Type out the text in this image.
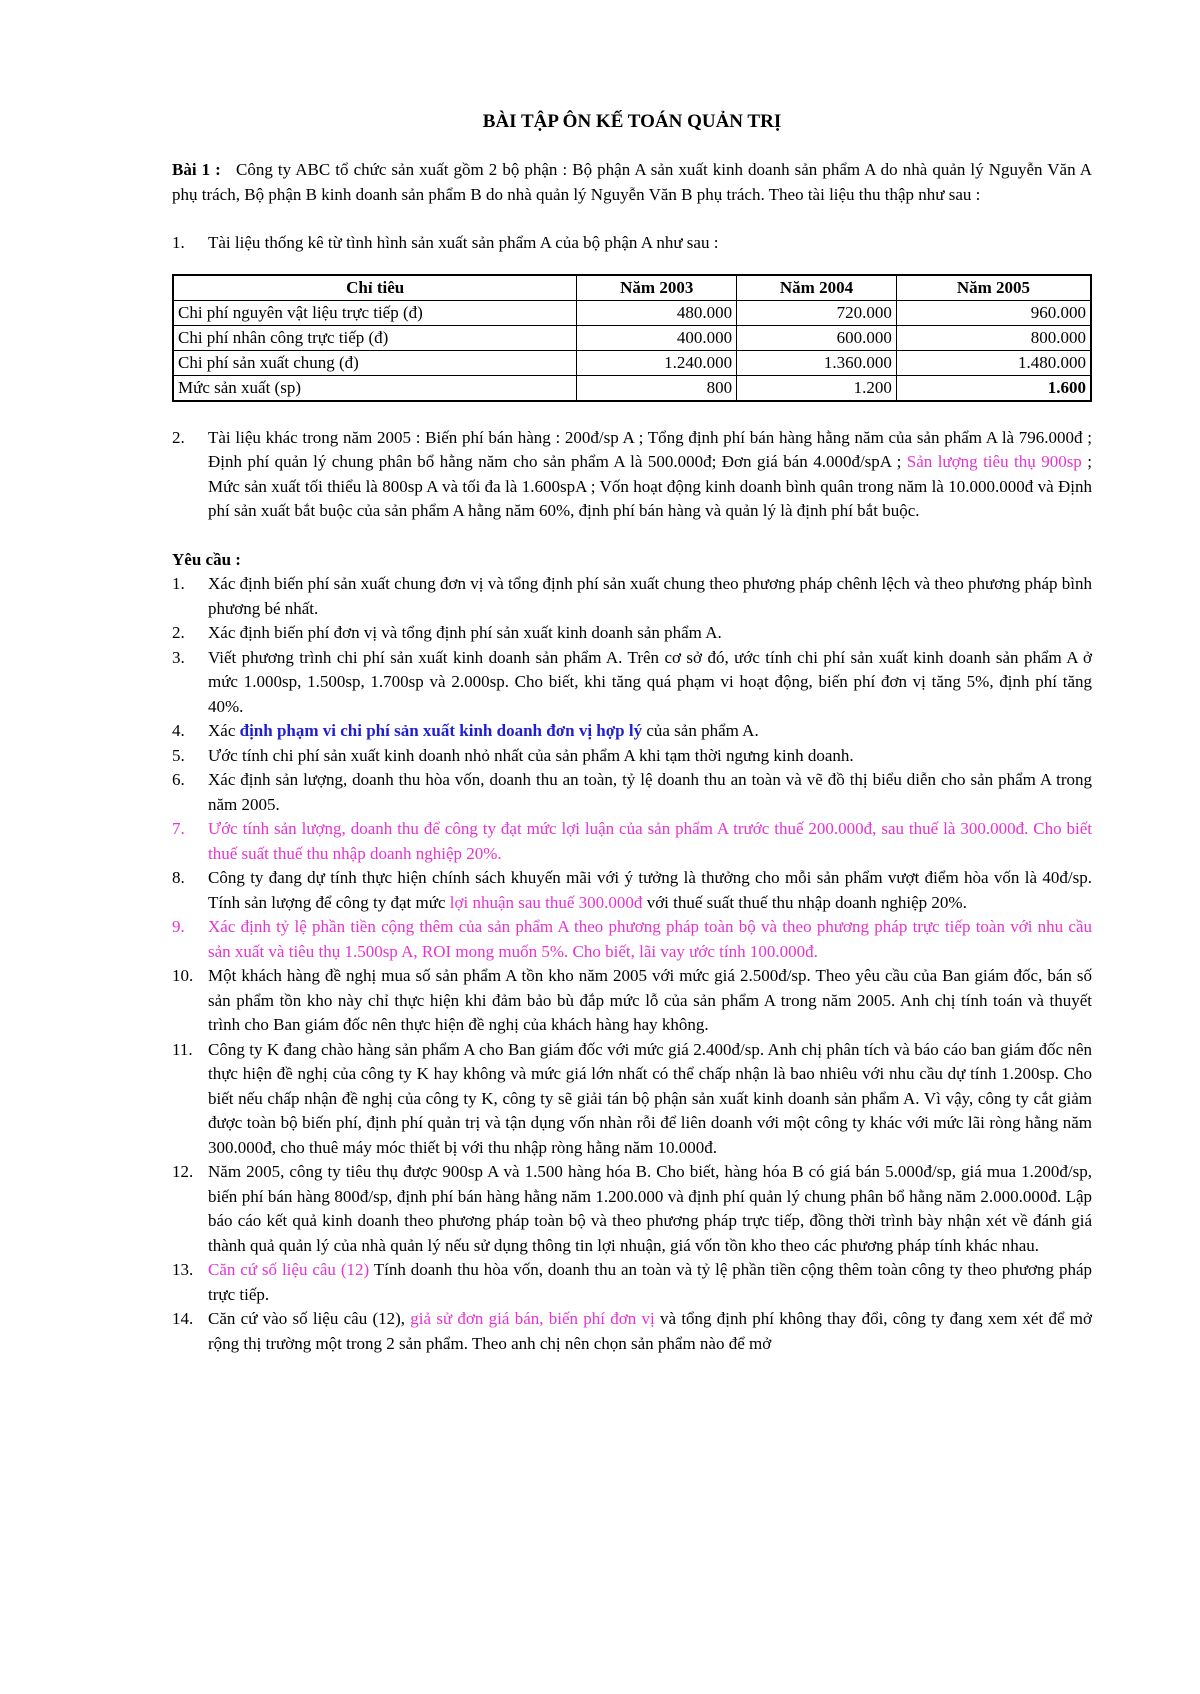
BÀI TẬP ÔN KẾ TOÁN QUẢN TRỊ

Bài 1 : Công ty ABC tổ chức sản xuất gồm 2 bộ phận : Bộ phận A sản xuất kinh doanh sản phẩm A do nhà quản lý Nguyễn Văn A phụ trách, Bộ phận B kinh doanh sản phẩm B do nhà quản lý Nguyễn Văn B phụ trách. Theo tài liệu thu thập như sau :

1. Tài liệu thống kê từ tình hình sản xuất sản phẩm A của bộ phận A như sau :
Chỉ tiêu	Năm 2003	Năm 2004	Năm 2005
Chi phí nguyên vật liệu trực tiếp (đ)	480.000	720.000	960.000
Chi phí nhân công trực tiếp (đ)	400.000	600.000	800.000
Chi phí sản xuất chung (đ)	1.240.000	1.360.000	1.480.000
Mức sản xuất (sp)	800	1.200	1.600
2. Tài liệu khác trong năm 2005 : Biến phí bán hàng : 200đ/sp A ; Tổng định phí bán hàng hằng năm của sản phẩm A là 796.000đ ; Định phí quản lý chung phân bổ hằng năm cho sản phẩm A là 500.000đ; Đơn giá bán 4.000đ/spA ; Sản lượng tiêu thụ 900sp ; Mức sản xuất tối thiểu là 800sp A và tối đa là 1.600spA ; Vốn hoạt động kinh doanh bình quân trong năm là 10.000.000đ và Định phí sản xuất bắt buộc của sản phẩm A hằng năm 60%, định phí bán hàng và quản lý là định phí bắt buộc.

Yêu cầu :

1. Xác định biến phí sản xuất chung đơn vị và tổng định phí sản xuất chung theo phương pháp chênh lệch và theo phương pháp bình phương bé nhất.
2. Xác định biến phí đơn vị và tổng định phí sản xuất kinh doanh sản phẩm A.
3. Viết phương trình chi phí sản xuất kinh doanh sản phẩm A. Trên cơ sở đó, ước tính chi phí sản xuất kinh doanh sản phẩm A ở mức 1.000sp, 1.500sp, 1.700sp và 2.000sp. Cho biết, khi tăng quá phạm vi hoạt động, biến phí đơn vị tăng 5%, định phí tăng 40%.
4. Xác định phạm vi chi phí sản xuất kinh doanh đơn vị hợp lý của sản phẩm A.
5. Ước tính chi phí sản xuất kinh doanh nhỏ nhất của sản phẩm A khi tạm thời ngưng kinh doanh.
6. Xác định sản lượng, doanh thu hòa vốn, doanh thu an toàn, tỷ lệ doanh thu an toàn và vẽ đồ thị biểu diễn cho sản phẩm A trong năm 2005.
7. Ước tính sản lượng, doanh thu để công ty đạt mức lợi luận của sản phẩm A trước thuế 200.000đ, sau thuế là 300.000đ. Cho biết thuế suất thuế thu nhập doanh nghiệp 20%.
8. Công ty đang dự tính thực hiện chính sách khuyến mãi với ý tưởng là thưởng cho mỗi sản phẩm vượt điểm hòa vốn là 40đ/sp. Tính sản lượng để công ty đạt mức lợi nhuận sau thuế 300.000đ với thuế suất thuế thu nhập doanh nghiệp 20%.
9. Xác định tỷ lệ phần tiền cộng thêm của sản phẩm A theo phương pháp toàn bộ và theo phương pháp trực tiếp toàn với nhu cầu sản xuất và tiêu thụ 1.500sp A, ROI mong muốn 5%. Cho biết, lãi vay ước tính 100.000đ.
10. Một khách hàng đề nghị mua số sản phẩm A tồn kho năm 2005 với mức giá 2.500đ/sp. Theo yêu cầu của Ban giám đốc, bán số sản phẩm tồn kho này chỉ thực hiện khi đảm bảo bù đắp mức lỗ của sản phẩm A trong năm 2005. Anh chị tính toán và thuyết trình cho Ban giám đốc nên thực hiện đề nghị của khách hàng hay không.
11. Công ty K đang chào hàng sản phẩm A cho Ban giám đốc với mức giá 2.400đ/sp. Anh chị phân tích và báo cáo ban giám đốc nên thực hiện đề nghị của công ty K hay không và mức giá lớn nhất có thể chấp nhận là bao nhiêu với nhu cầu dự tính 1.200sp. Cho biết nếu chấp nhận đề nghị của công ty K, công ty sẽ giải tán bộ phận sản xuất kinh doanh sản phẩm A. Vì vậy, công ty cắt giảm được toàn bộ biến phí, định phí quản trị và tận dụng vốn nhàn rỗi để liên doanh với một công ty khác với mức lãi ròng hằng năm 300.000đ, cho thuê máy móc thiết bị với thu nhập ròng hằng năm 10.000đ.
12. Năm 2005, công ty tiêu thụ được 900sp A và 1.500 hàng hóa B. Cho biết, hàng hóa B có giá bán 5.000đ/sp, giá mua 1.200đ/sp, biến phí bán hàng 800đ/sp, định phí bán hàng hằng năm 1.200.000 và định phí quản lý chung phân bổ hằng năm 2.000.000đ. Lập báo cáo kết quả kinh doanh theo phương pháp toàn bộ và theo phương pháp trực tiếp, đồng thời trình bày nhận xét về đánh giá thành quả quản lý của nhà quản lý nếu sử dụng thông tin lợi nhuận, giá vốn tồn kho theo các phương pháp tính khác nhau.
13. Căn cứ số liệu câu (12) Tính doanh thu hòa vốn, doanh thu an toàn và tỷ lệ phần tiền cộng thêm toàn công ty theo phương pháp trực tiếp.
14. Căn cứ vào số liệu câu (12), giả sử đơn giá bán, biến phí đơn vị và tổng định phí không thay đổi, công ty đang xem xét để mở rộng thị trường một trong 2 sản phẩm. Theo anh chị nên chọn sản phẩm nào để mở
